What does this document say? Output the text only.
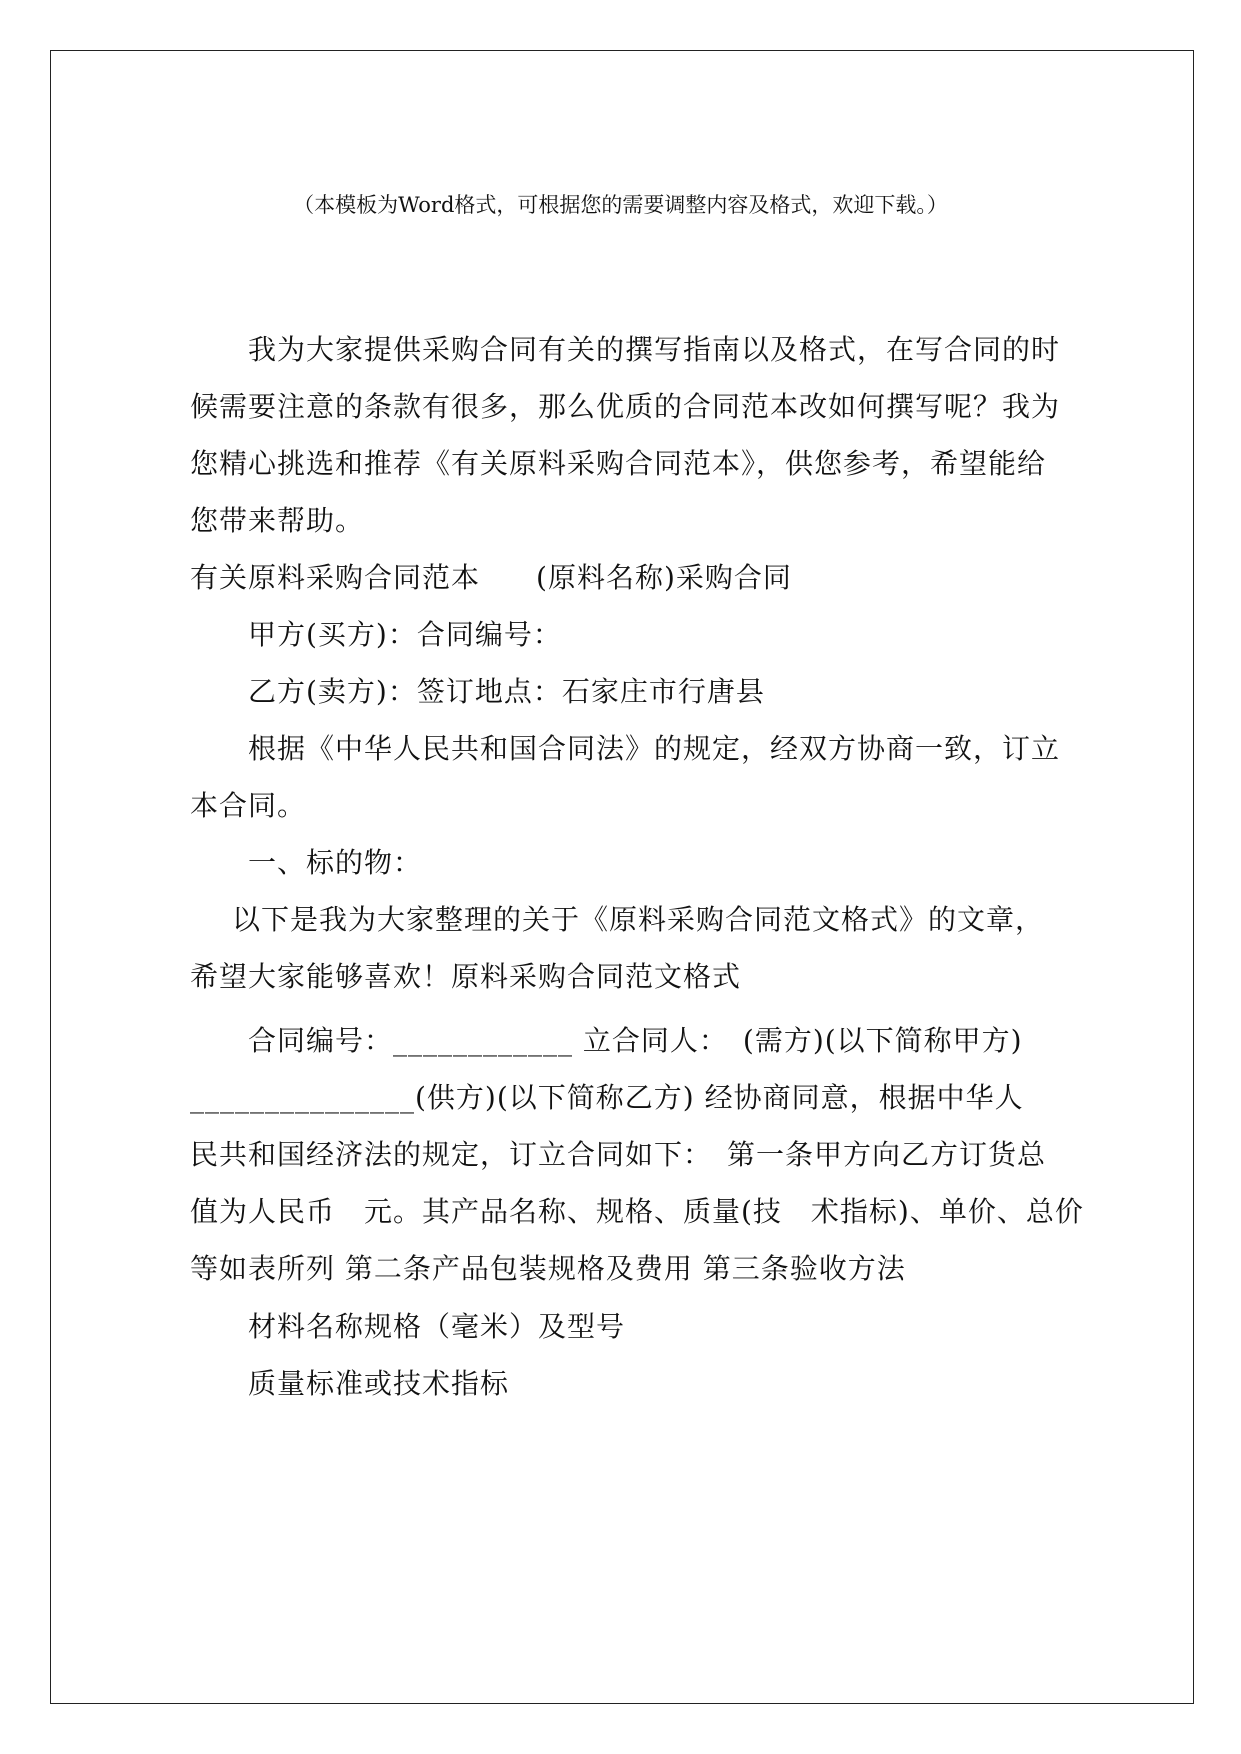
（本模板为Word格式，可根据您的需要调整内容及格式，欢迎下载。）
我为大家提供采购合同有关的撰写指南以及格式，在写合同的时
候需要注意的条款有很多，那么优质的合同范本改如何撰写呢？我为
您精心挑选和推荐《有关原料采购合同范本》，供您参考，希望能给
您带来帮助。
有关原料采购合同范本 (原料名称)采购合同
甲方(买方)：合同编号：
乙方(卖方)：签订地点：石家庄市行唐县
根据《中华人民共和国合同法》的规定，经双方协商一致，订立
本合同。
一、标的物：
以下是我为大家整理的关于《原料采购合同范文格式》的文章，
希望大家能够喜欢！原料采购合同范文格式
合同编号：____________ 立合同人：　(需方)(以下简称甲方)
_______________(供方)(以下简称乙方) 经协商同意，根据中华人
民共和国经济法的规定，订立合同如下：　第一条甲方向乙方订货总
值为人民币　元。其产品名称、规格、质量(技　术指标)、单价、总价
等如表所列 第二条产品包装规格及费用 第三条验收方法
材料名称规格（毫米）及型号
质量标准或技术指标
